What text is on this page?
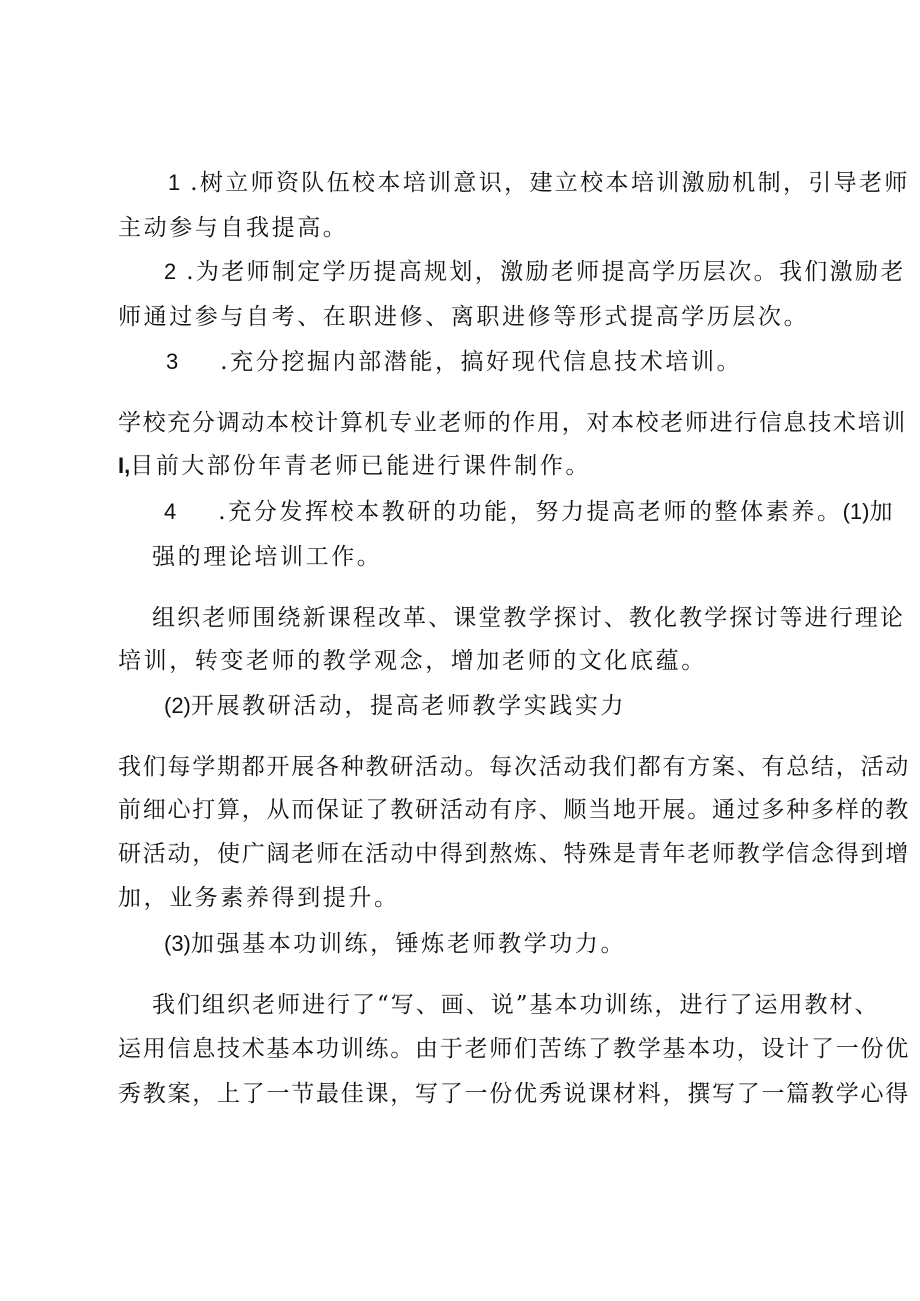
1 .树立师资队伍校本培训意识，建立校本培训激励机制，引导老师
主动参与自我提高。
2 .为老师制定学历提高规划，激励老师提高学历层次。我们激励老
师通过参与自考、在职进修、离职进修等形式提高学历层次。
3 .充分挖掘内部潜能，搞好现代信息技术培训。
学校充分调动本校计算机专业老师的作用，对本校老师进行信息技术培训
I,目前大部份年青老师已能进行课件制作。
4 .充分发挥校本教研的功能，努力提高老师的整体素养。(1)加
强的理论培训工作。
组织老师围绕新课程改革、课堂教学探讨、教化教学探讨等进行理论
培训，转变老师的教学观念，增加老师的文化底蕴。
(2)开展教研活动，提高老师教学实践实力
我们每学期都开展各种教研活动。每次活动我们都有方案、有总结，活动
前细心打算，从而保证了教研活动有序、顺当地开展。通过多种多样的教
研活动，使广阔老师在活动中得到熬炼、特殊是青年老师教学信念得到增
加，业务素养得到提升。
(3)加强基本功训练，锤炼老师教学功力。
我们组织老师进行了“写、画、说”基本功训练，进行了运用教材、
运用信息技术基本功训练。由于老师们苦练了教学基本功，设计了一份优
秀教案，上了一节最佳课，写了一份优秀说课材料，撰写了一篇教学心得
